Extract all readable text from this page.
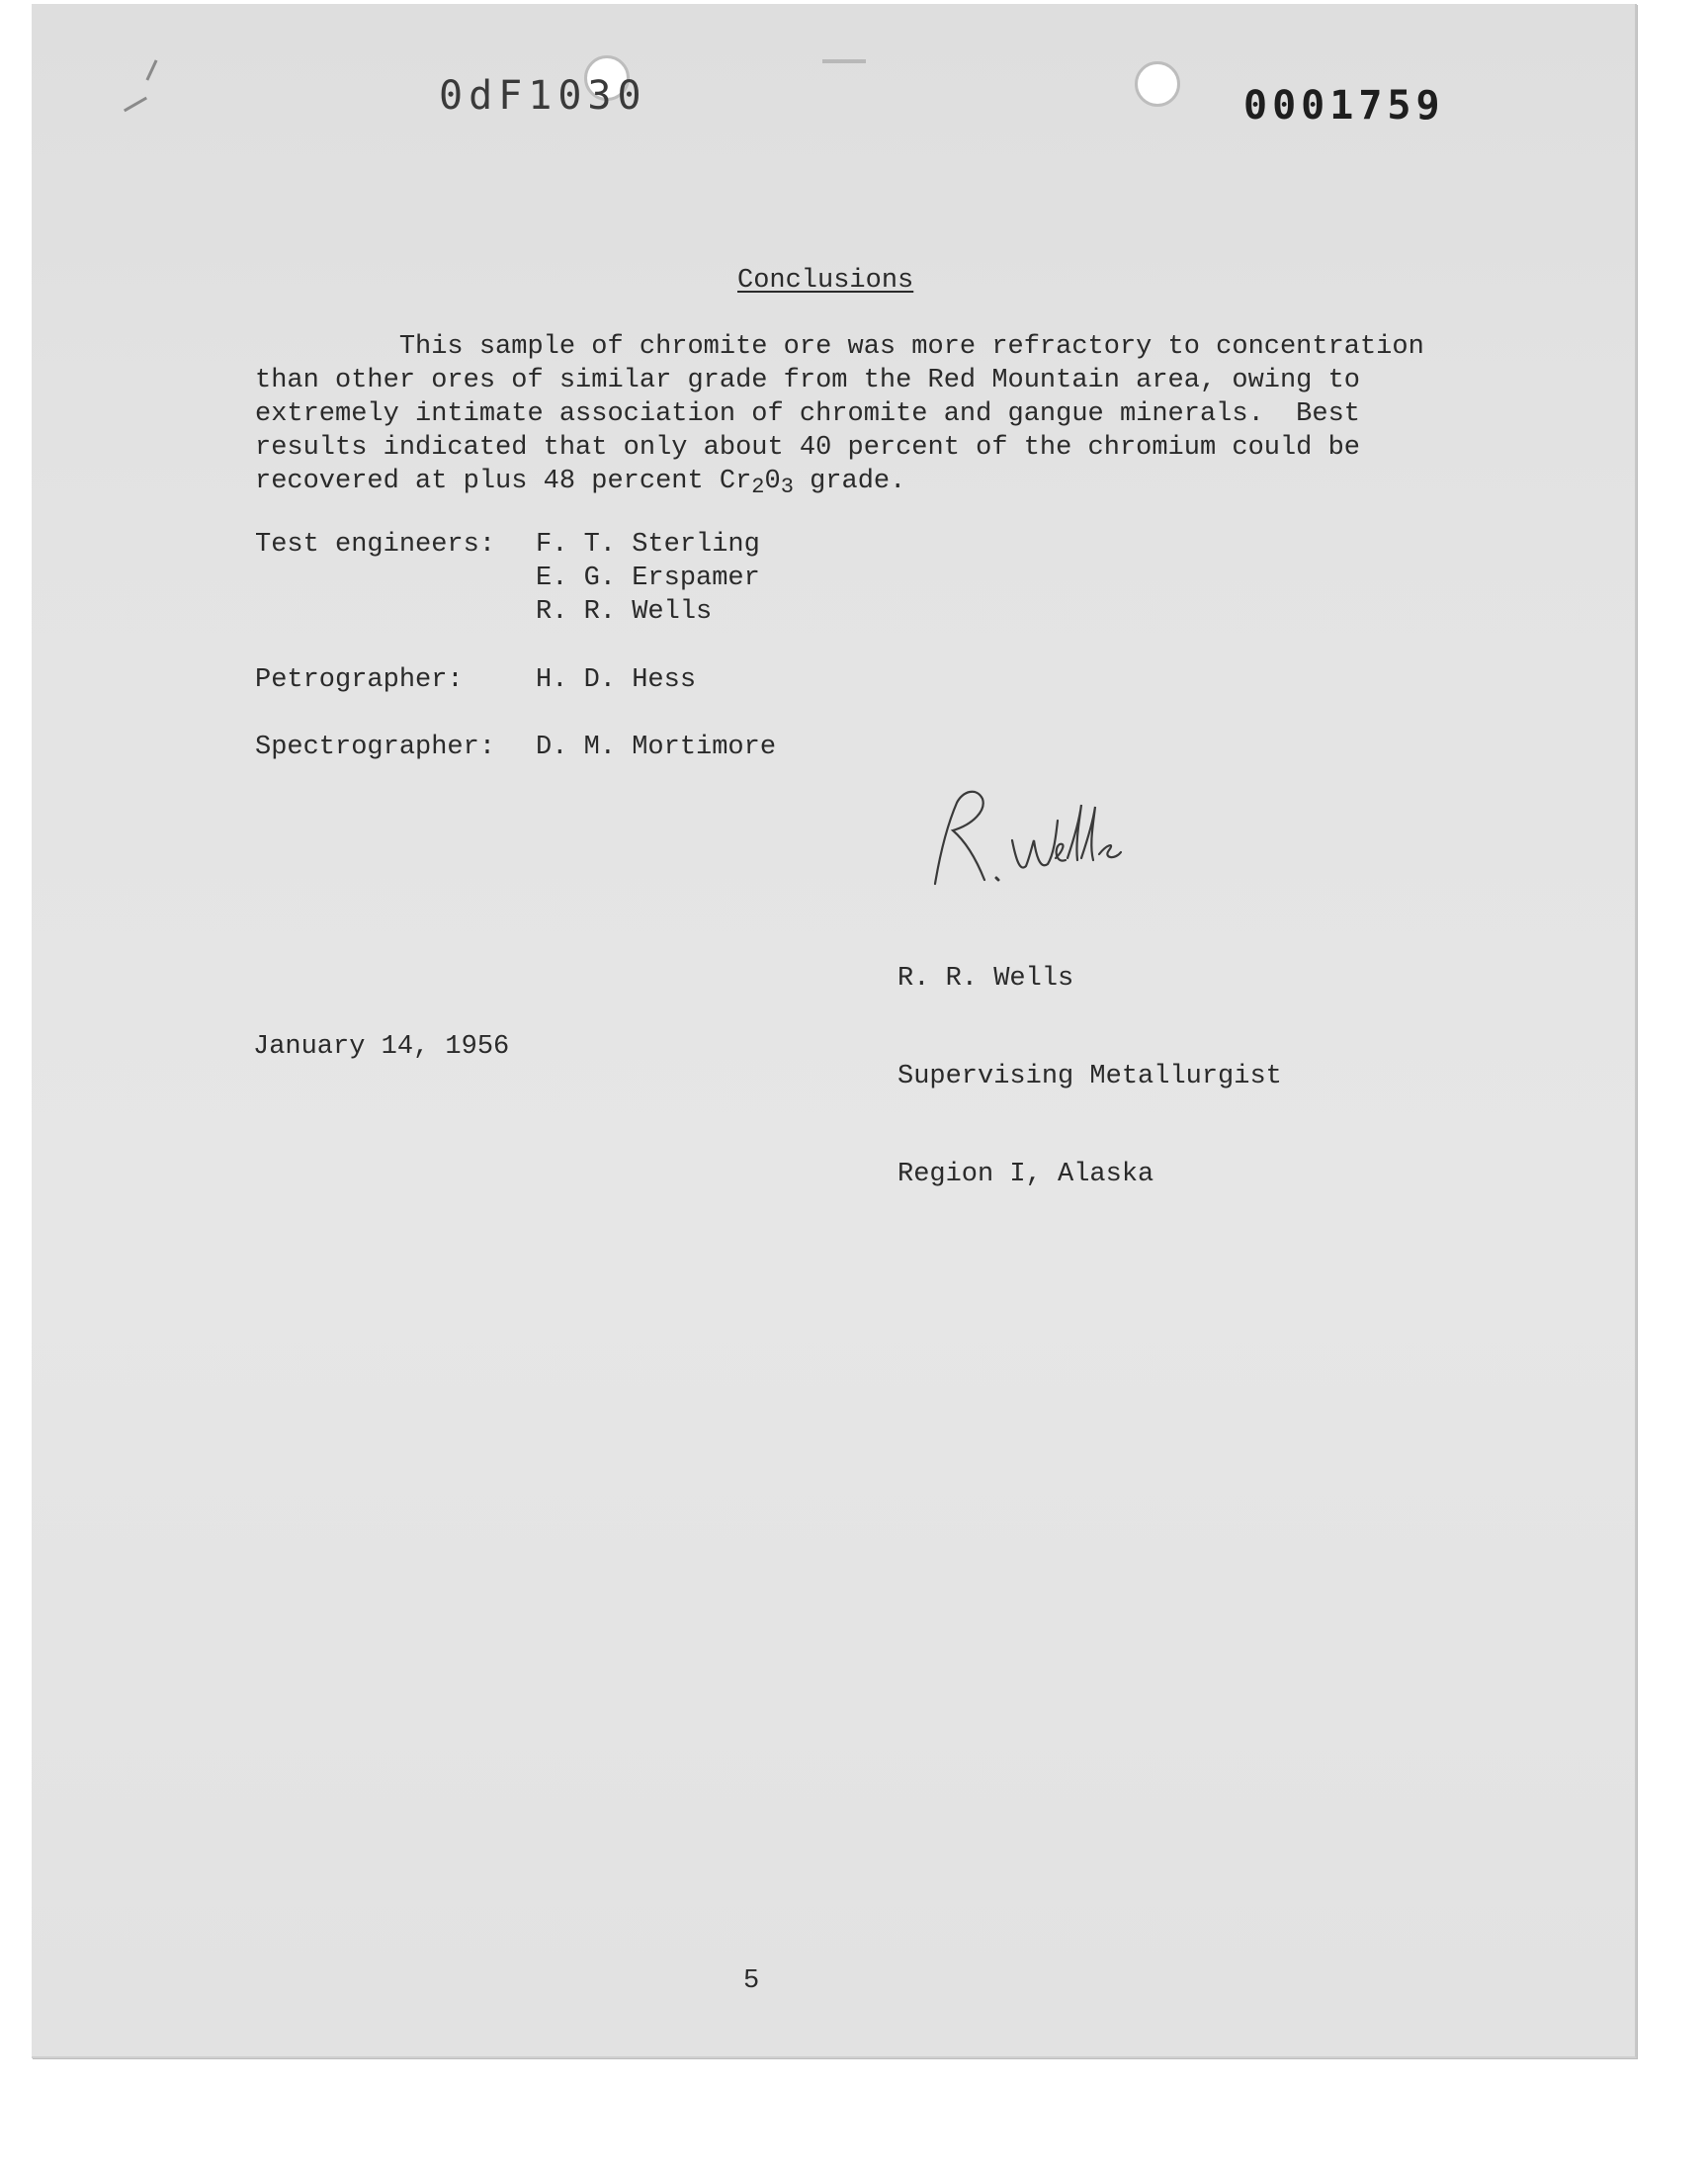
0dF1030	0001759
Conclusions
This sample of chromite ore was more refractory to concentration
than other ores of similar grade from the Red Mountain area, owing to
extremely intimate association of chromite and gangue minerals.  Best
results indicated that only about 40 percent of the chromium could be
recovered at plus 48 percent Cr203 grade.
Test engineers: F. T. Sterling
E. G. Erspamer
R. R. Wells
Petrographer:	H. D. Hess
Spectrographer: D. M. Mortimore

R. R. Wells

Supervising Metallurgist

Region I, Alaska

January 14, 1956
5
